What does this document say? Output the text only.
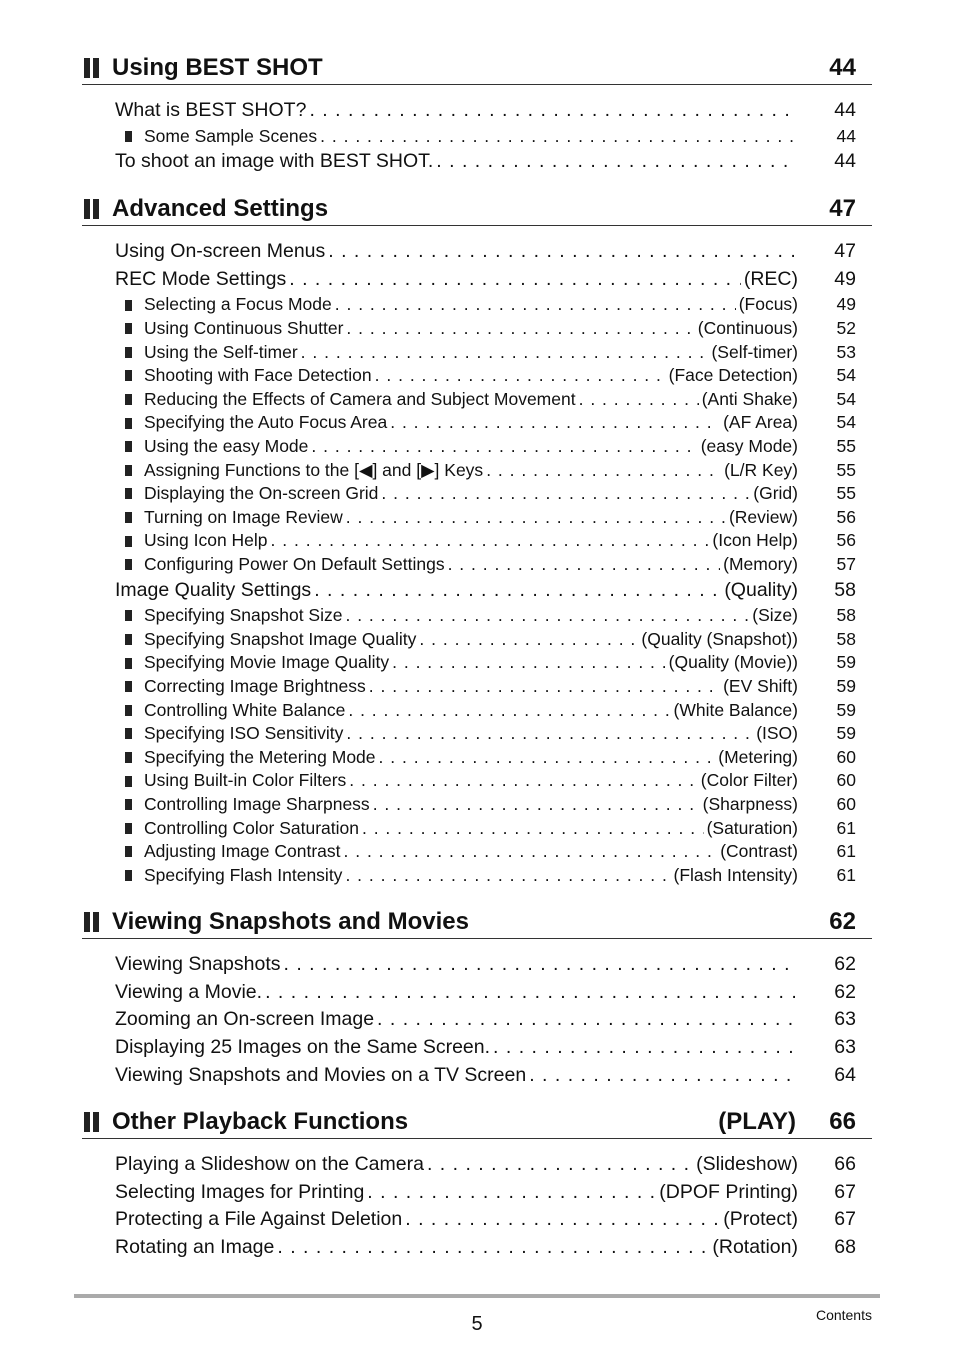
Using BEST SHOT	44
What is BEST SHOT? . . .	44
Some Sample Scenes . . .	44
To shoot an image with BEST SHOT. . . .	44
Advanced Settings	47
Using On-screen Menus . . .	47
REC Mode Settings . . .	(REC)	49
Selecting a Focus Mode . . .	(Focus)	49
Using Continuous Shutter . . .	(Continuous)	52
Using the Self-timer . . .	(Self-timer)	53
Shooting with Face Detection . . .	(Face Detection)	54
Reducing the Effects of Camera and Subject Movement . . .	(Anti Shake)	54
Specifying the Auto Focus Area . . .	(AF Area)	54
Using the easy Mode . . .	(easy Mode)	55
Assigning Functions to the [◀] and [▶] Keys . . .	(L/R Key)	55
Displaying the On-screen Grid . . .	(Grid)	55
Turning on Image Review . . .	(Review)	56
Using Icon Help . . .	(Icon Help)	56
Configuring Power On Default Settings . . .	(Memory)	57
Image Quality Settings . . .	(Quality)	58
Specifying Snapshot Size . . .	(Size)	58
Specifying Snapshot Image Quality . . .	(Quality (Snapshot))	58
Specifying Movie Image Quality . . .	(Quality (Movie))	59
Correcting Image Brightness . . .	(EV Shift)	59
Controlling White Balance . . .	(White Balance)	59
Specifying ISO Sensitivity . . .	(ISO)	59
Specifying the Metering Mode . . .	(Metering)	60
Using Built-in Color Filters . . .	(Color Filter)	60
Controlling Image Sharpness . . .	(Sharpness)	60
Controlling Color Saturation . . .	(Saturation)	61
Adjusting Image Contrast . . .	(Contrast)	61
Specifying Flash Intensity . . .	(Flash Intensity)	61
Viewing Snapshots and Movies	62
Viewing Snapshots . . .	62
Viewing a Movie. . . .	62
Zooming an On-screen Image . . .	63
Displaying 25 Images on the Same Screen. . . .	63
Viewing Snapshots and Movies on a TV Screen . . .	64
Other Playback Functions	(PLAY) 66
Playing a Slideshow on the Camera . . .	(Slideshow)	66
Selecting Images for Printing . . .	(DPOF Printing)	67
Protecting a File Against Deletion . . .	(Protect)	67
Rotating an Image . . .	(Rotation)	68
5	Contents
